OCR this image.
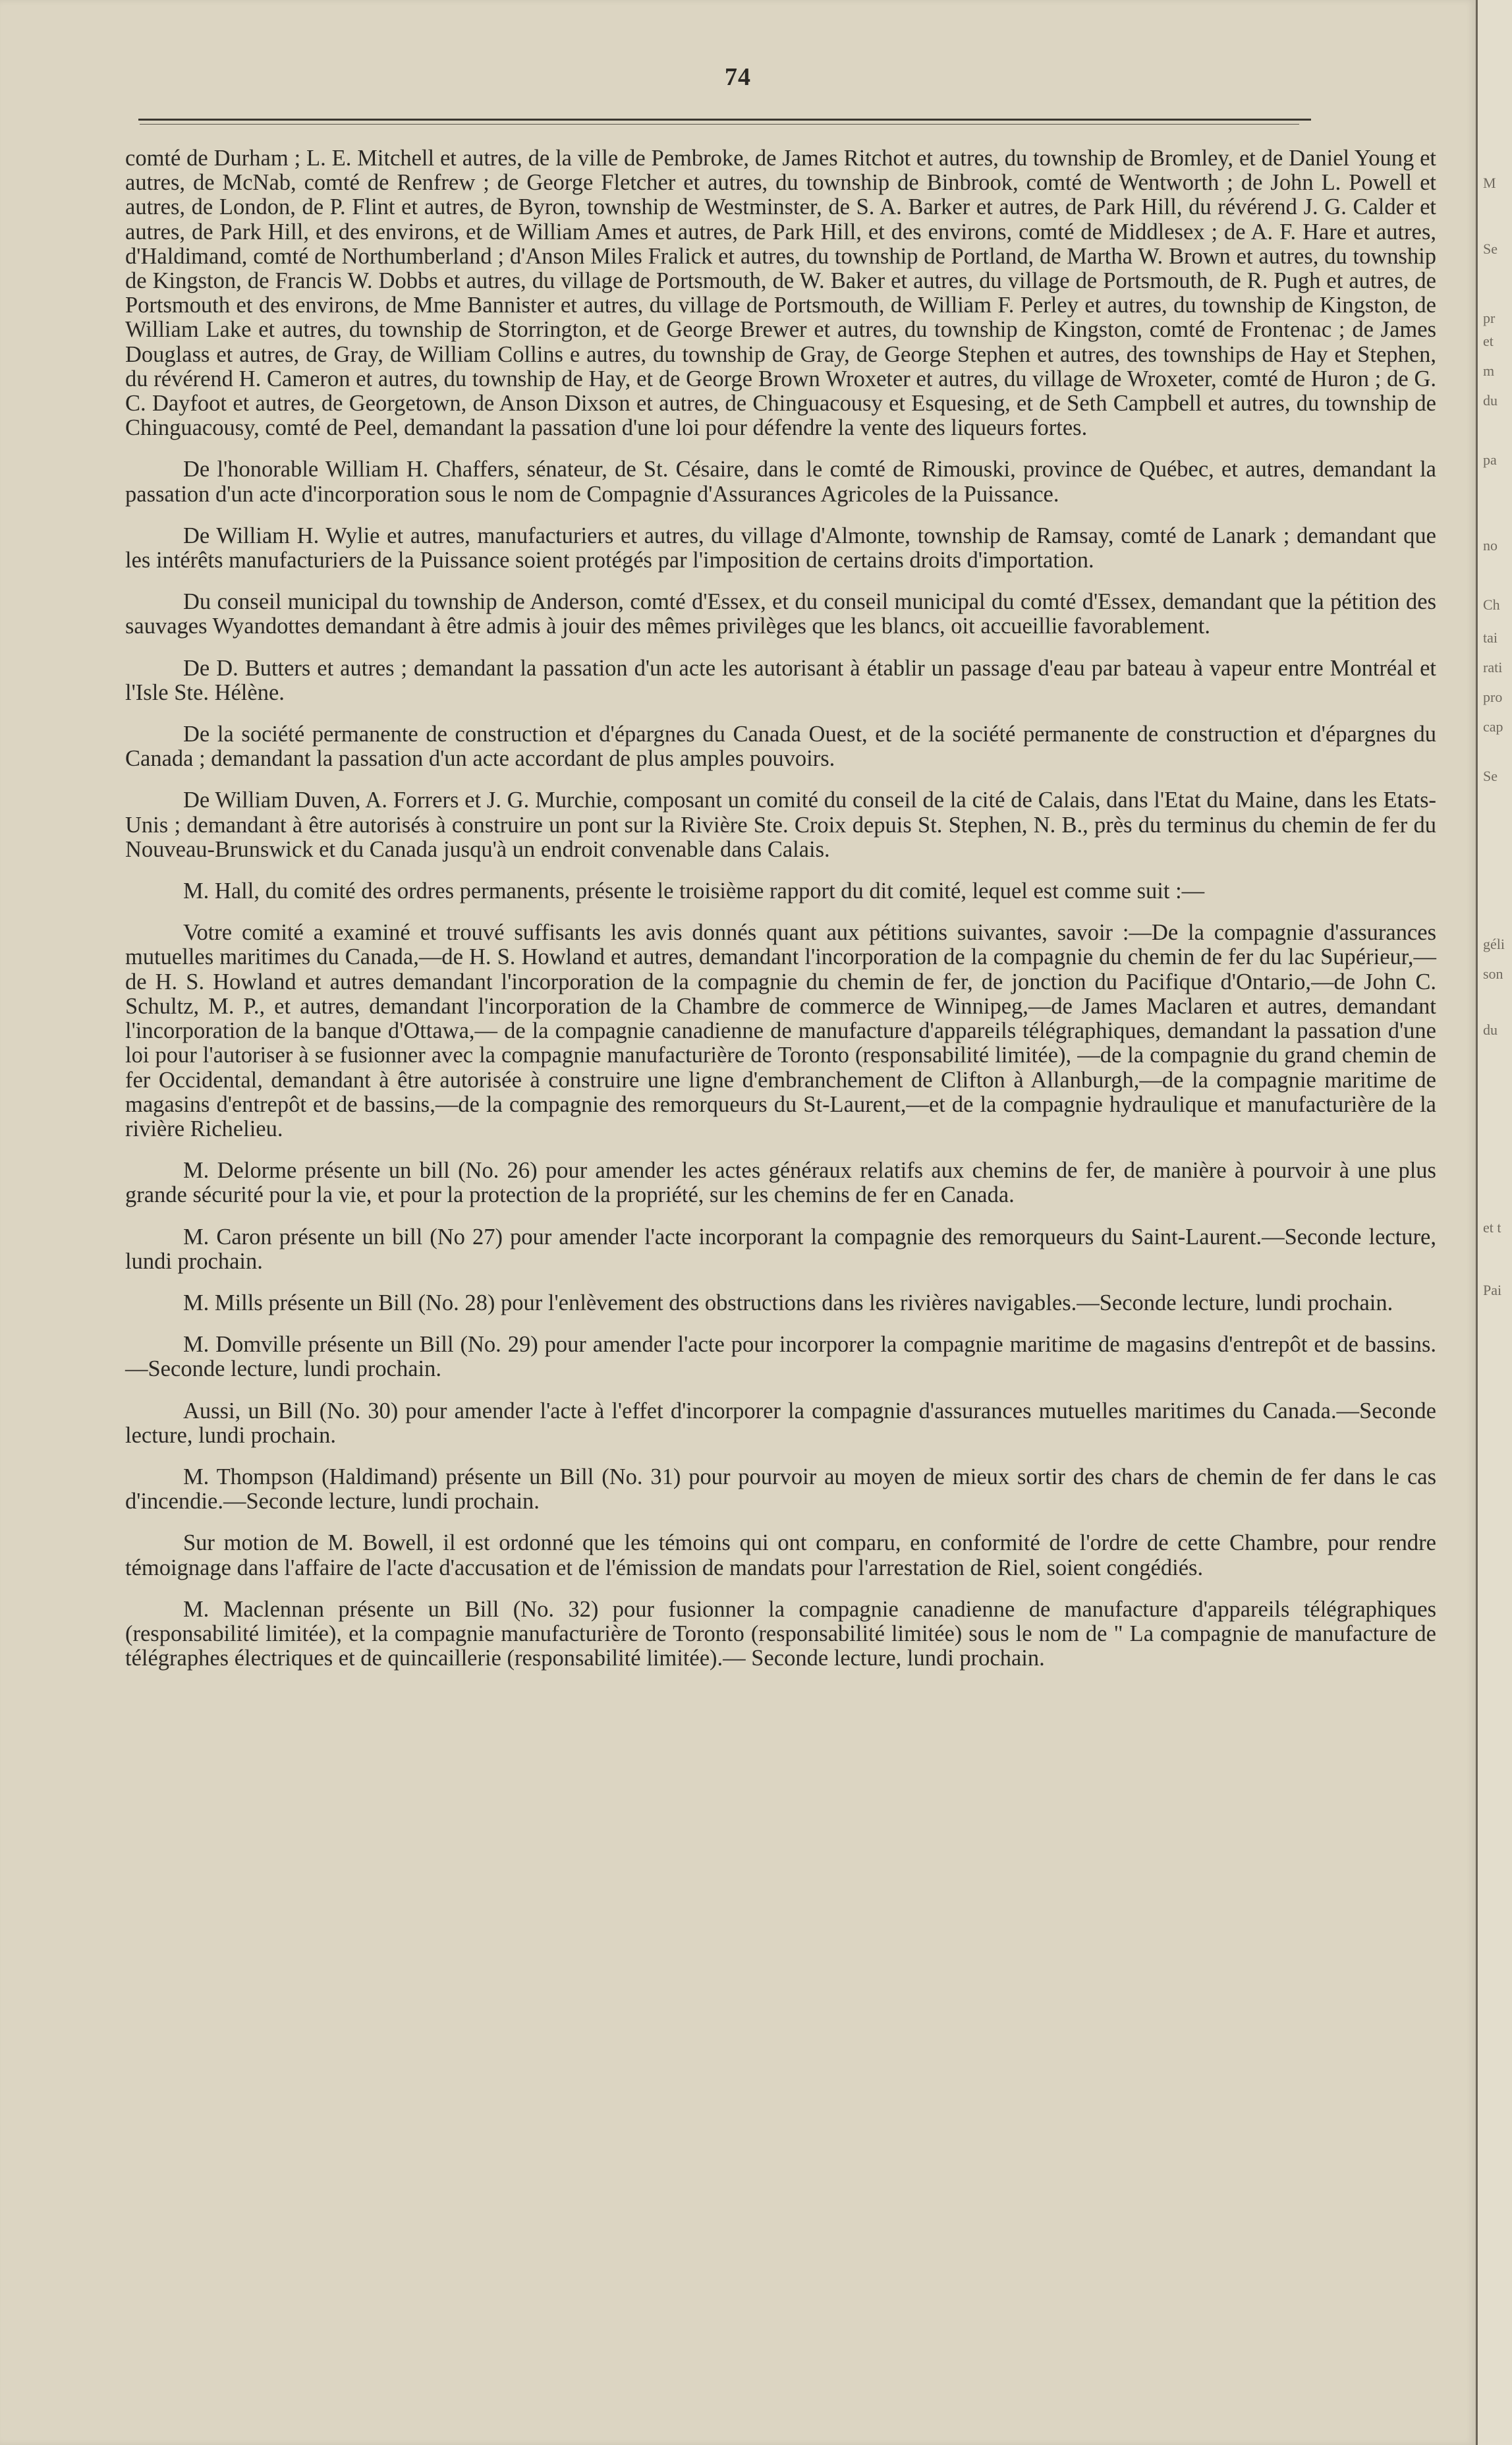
74

comté de Durham ; L. E. Mitchell et autres, de la ville de Pembroke, de James Ritchot et autres, du township de Bromley, et de Daniel Young et autres, de McNab, comté de Renfrew ; de George Fletcher et autres, du township de Binbrook, comté de Wentworth ; de John L. Powell et autres, de London, de P. Flint et autres, de Byron, township de Westminster, de S. A. Barker et autres, de Park Hill, du révérend J. G. Calder et autres, de Park Hill, et des environs, et de William Ames et autres, de Park Hill, et des environs, comté de Middlesex ; de A. F. Hare et autres, d'Haldimand, comté de Northumberland ; d'Anson Miles Fralick et autres, du township de Portland, de Martha W. Brown et autres, du township de Kingston, de Francis W. Dobbs et autres, du village de Portsmouth, de W. Baker et autres, du village de Portsmouth, de R. Pugh et autres, de Portsmouth et des environs, de Mme Bannister et autres, du village de Portsmouth, de William F. Perley et autres, du township de Kingston, de William Lake et autres, du township de Storrington, et de George Brewer et autres, du township de Kingston, comté de Frontenac ; de James Douglass et autres, de Gray, de William Collins e autres, du township de Gray, de George Stephen et autres, des townships de Hay et Stephen, du révérend H. Cameron et autres, du township de Hay, et de George Brown Wroxeter et autres, du village de Wroxeter, comté de Huron ; de G. C. Dayfoot et autres, de Georgetown, de Anson Dixson et autres, de Chinguacousy et Esquesing, et de Seth Campbell et autres, du township de Chinguacousy, comté de Peel, demandant la passation d'une loi pour défendre la vente des liqueurs fortes.

De l'honorable William H. Chaffers, sénateur, de St. Césaire, dans le comté de Rimouski, province de Québec, et autres, demandant la passation d'un acte d'incorporation sous le nom de Compagnie d'Assurances Agricoles de la Puissance.

De William H. Wylie et autres, manufacturiers et autres, du village d'Almonte, township de Ramsay, comté de Lanark ; demandant que les intérêts manufacturiers de la Puissance soient protégés par l'imposition de certains droits d'importation.

Du conseil municipal du township de Anderson, comté d'Essex, et du conseil municipal du comté d'Essex, demandant que la pétition des sauvages Wyandottes demandant à être admis à jouir des mêmes privilèges que les blancs, oit accueillie favorablement.

De D. Butters et autres ; demandant la passation d'un acte les autorisant à établir un passage d'eau par bateau à vapeur entre Montréal et l'Isle Ste. Hélène.

De la société permanente de construction et d'épargnes du Canada Ouest, et de la société permanente de construction et d'épargnes du Canada ; demandant la passation d'un acte accordant de plus amples pouvoirs.

De William Duven, A. Forrers et J. G. Murchie, composant un comité du conseil de la cité de Calais, dans l'Etat du Maine, dans les Etats-Unis ; demandant à être autorisés à construire un pont sur la Rivière Ste. Croix depuis St. Stephen, N. B., près du terminus du chemin de fer du Nouveau-Brunswick et du Canada jusqu'à un endroit convenable dans Calais.

M. Hall, du comité des ordres permanents, présente le troisième rapport du dit comité, lequel est comme suit :—

Votre comité a examiné et trouvé suffisants les avis donnés quant aux pétitions suivantes, savoir :—De la compagnie d'assurances mutuelles maritimes du Canada,—de H. S. Howland et autres, demandant l'incorporation de la compagnie du chemin de fer du lac Supérieur,—de H. S. Howland et autres demandant l'incorporation de la compagnie du chemin de fer, de jonction du Pacifique d'Ontario,—de John C. Schultz, M. P., et autres, demandant l'incorporation de la Chambre de commerce de Winnipeg,—de James Maclaren et autres, demandant l'incorporation de la banque d'Ottawa,— de la compagnie canadienne de manufacture d'appareils télégraphiques, demandant la passation d'une loi pour l'autoriser à se fusionner avec la compagnie manufacturière de Toronto (responsabilité limitée), —de la compagnie du grand chemin de fer Occidental, demandant à être autorisée à construire une ligne d'embranchement de Clifton à Allanburgh,—de la compagnie maritime de magasins d'entrepôt et de bassins,—de la compagnie des remorqueurs du St-Laurent,—et de la compagnie hydraulique et manufacturière de la rivière Richelieu.

M. Delorme présente un bill (No. 26) pour amender les actes généraux relatifs aux chemins de fer, de manière à pourvoir à une plus grande sécurité pour la vie, et pour la protection de la propriété, sur les chemins de fer en Canada.

M. Caron présente un bill (No 27) pour amender l'acte incorporant la compagnie des remorqueurs du Saint-Laurent.—Seconde lecture, lundi prochain.

M. Mills présente un Bill (No. 28) pour l'enlèvement des obstructions dans les rivières navigables.—Seconde lecture, lundi prochain.

M. Domville présente un Bill (No. 29) pour amender l'acte pour incorporer la compagnie maritime de magasins d'entrepôt et de bassins.—Seconde lecture, lundi prochain.

Aussi, un Bill (No. 30) pour amender l'acte à l'effet d'incorporer la compagnie d'assurances mutuelles maritimes du Canada.—Seconde lecture, lundi prochain.

M. Thompson (Haldimand) présente un Bill (No. 31) pour pourvoir au moyen de mieux sortir des chars de chemin de fer dans le cas d'incendie.—Seconde lecture, lundi prochain.

Sur motion de M. Bowell, il est ordonné que les témoins qui ont comparu, en conformité de l'ordre de cette Chambre, pour rendre témoignage dans l'affaire de l'acte d'accusation et de l'émission de mandats pour l'arrestation de Riel, soient congédiés.

M. Maclennan présente un Bill (No. 32) pour fusionner la compagnie canadienne de manufacture d'appareils télégraphiques (responsabilité limitée), et la compagnie manufacturière de Toronto (responsabilité limitée) sous le nom de " La compagnie de manufacture de télégraphes électriques et de quincaillerie (responsabilité limitée).— Seconde lecture, lundi prochain.

M
Se
pr
et
m
du
pa
no
Ch
tai
rati
pro
cap
Se
géli
son
du
et t
Pai
